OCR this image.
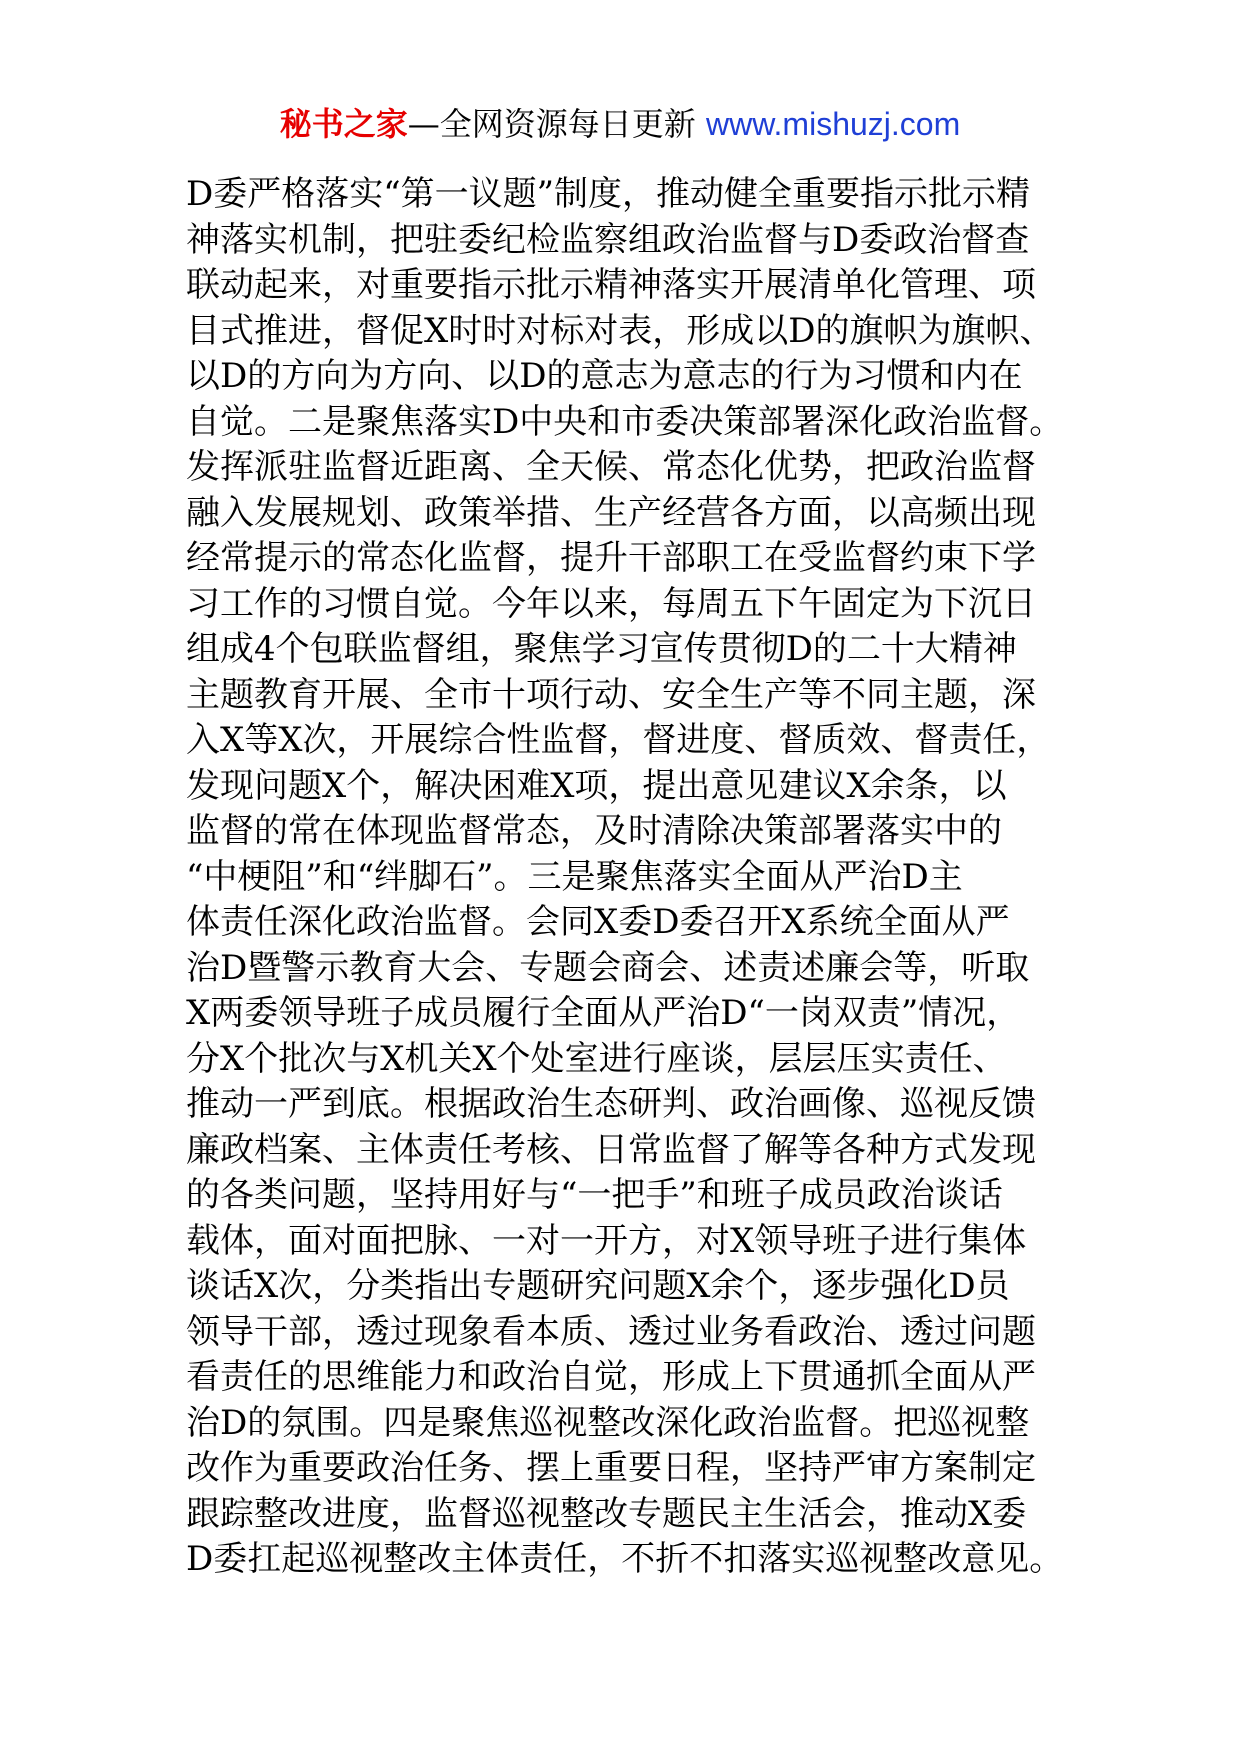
秘书之家—全网资源每日更新 www.mishuzj.com
D委严格落实“第一议题”制度，推动健全重要指示批示精
神落实机制，把驻委纪检监察组政治监督与D委政治督查
联动起来，对重要指示批示精神落实开展清单化管理、项
目式推进，督促X时时对标对表，形成以D的旗帜为旗帜、
以D的方向为方向、以D的意志为意志的行为习惯和内在
自觉。二是聚焦落实D中央和市委决策部署深化政治监督。
发挥派驻监督近距离、全天候、常态化优势，把政治监督
融入发展规划、政策举措、生产经营各方面，以高频出现
经常提示的常态化监督，提升干部职工在受监督约束下学
习工作的习惯自觉。今年以来，每周五下午固定为下沉日
组成4个包联监督组，聚焦学习宣传贯彻D的二十大精神
主题教育开展、全市十项行动、安全生产等不同主题，深
入X等X次，开展综合性监督，督进度、督质效、督责任，
发现问题X个，解决困难X项，提出意见建议X余条，以
监督的常在体现监督常态，及时清除决策部署落实中的
“中梗阻”和“绊脚石”。三是聚焦落实全面从严治D主
体责任深化政治监督。会同X委D委召开X系统全面从严
治D暨警示教育大会、专题会商会、述责述廉会等，听取
X两委领导班子成员履行全面从严治D“一岗双责”情况，
分X个批次与X机关X个处室进行座谈，层层压实责任、
推动一严到底。根据政治生态研判、政治画像、巡视反馈
廉政档案、主体责任考核、日常监督了解等各种方式发现
的各类问题，坚持用好与“一把手”和班子成员政治谈话
载体，面对面把脉、一对一开方，对X领导班子进行集体
谈话X次，分类指出专题研究问题X余个，逐步强化D员
领导干部，透过现象看本质、透过业务看政治、透过问题
看责任的思维能力和政治自觉，形成上下贯通抓全面从严
治D的氛围。四是聚焦巡视整改深化政治监督。把巡视整
改作为重要政治任务、摆上重要日程，坚持严审方案制定
跟踪整改进度，监督巡视整改专题民主生活会，推动X委
D委扛起巡视整改主体责任，不折不扣落实巡视整改意见。
